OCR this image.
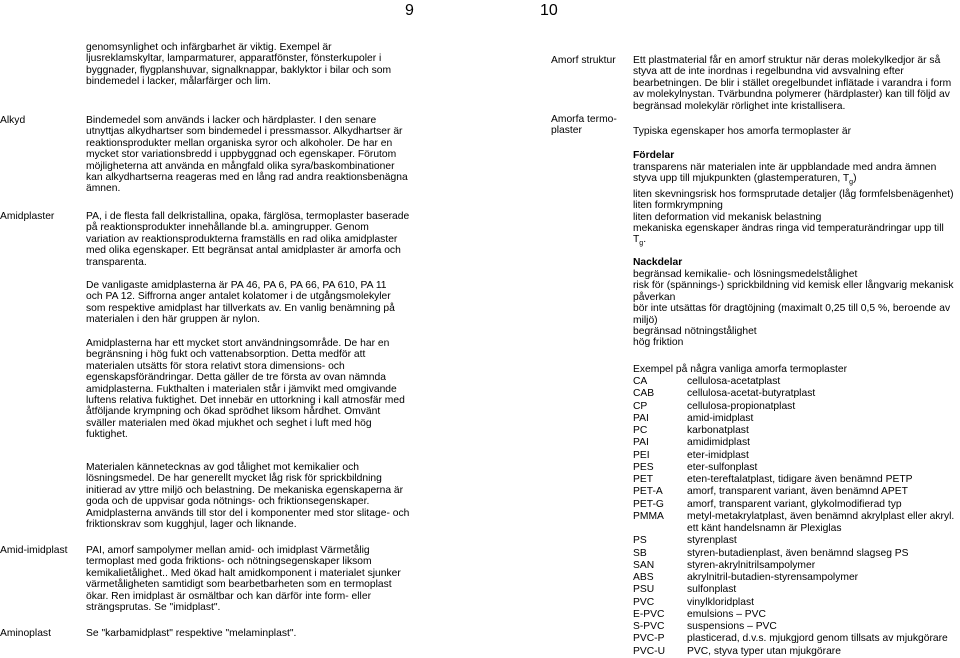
9	10
genomsynlighet och infärgbarhet är viktig. Exempel är
ljusreklamskyltar, lamparmaturer, apparatfönster, fönsterkupoler i
byggnader, flygplanshuvar, signalknappar, baklyktor i bilar och som
bindemedel i lacker, målarfärger och lim.
Alkyd	Bindemedel som används i lacker och härdplaster. I den senare
utnyttjas alkydhartser som bindemedel i pressmassor. Alkydhartser är
reaktionsprodukter mellan organiska syror och alkoholer. De har en
mycket stor variationsbredd i uppbyggnad och egenskaper. Förutom
möjligheterna att använda en mångfald olika syra/baskombinationer
kan alkydhartserna reageras med en lång rad andra reaktionsbenägna
ämnen.
Amidplaster	PA, i de flesta fall delkristallina, opaka, färglösa, termoplaster baserade
på reaktionsprodukter innehållande bl.a. amingrupper. Genom
variation av reaktionsprodukterna framställs en rad olika amidplaster
med olika egenskaper. Ett begränsat antal amidplaster är amorfa och
transparenta.
De vanligaste amidplasterna är PA 46, PA 6, PA 66, PA 610, PA 11
och PA 12. Siffrorna anger antalet kolatomer i de utgångsmolekyler
som respektive amidplast har tillverkats av. En vanlig benämning på
materialen i den här gruppen är nylon.
Amidplasterna har ett mycket stort användningsområde. De har en
begränsning i hög fukt och vattenabsorption. Detta medför att
materialen utsätts för stora relativt stora dimensions- och
egenskapsförändringar. Detta gäller de tre första av ovan nämnda
amidplasterna. Fukthalten i materialen står i jämvikt med omgivande
luftens relativa fuktighet. Det innebär en uttorkning i kall atmosfär med
åtföljande krympning och ökad sprödhet liksom hårdhet. Omvänt
sväller materialen med ökad mjukhet och seghet i luft med hög
fuktighet.
Materialen kännetecknas av god tålighet mot kemikalier och
lösningsmedel. De har generellt mycket låg risk för sprickbildning
initierad av yttre miljö och belastning. De mekaniska egenskaperna är
goda och de uppvisar goda nötnings- och friktionsegenskaper.
Amidplasterna används till stor del i komponenter med stor slitage- och
friktionskrav som kugghjul, lager och liknande.
Amid-imidplast PAI, amorf sampolymer mellan amid- och imidplast Värmetålig
termoplast med goda friktions- och nötningsegenskaper liksom
kemikalietålighet.. Med ökad halt amidkomponent i materialet sjunker
värmetåligheten samtidigt som bearbetbarheten som en termoplast
ökar. Ren imidplast är osmältbar och kan därför inte form- eller
strängsprutas. Se "imidplast".
Aminoplast	Se "karbamidplast" respektive "melaminplast".
Amorf struktur Ett plastmaterial får en amorf struktur när deras molekylkedjor är så
styva att de inte inordnas i regelbundna vid avsvalning efter
bearbetningen. De blir i stället oregelbundet inflätade i varandra i form
av molekylnystan. Tvärbundna polymerer (härdplaster) kan till följd av
begränsad molekylär rörlighet inte kristallisera.
Amorfa termo-
plaster	Typiska egenskaper hos amorfa termoplaster är
Fördelar
transparens när materialen inte är uppblandade med andra ämnen
styva upp till mjukpunkten (glastemperaturen, $T_g$)
liten skevningsrisk hos formsprutade detaljer (låg formfelsbenägenhet)
liten formkrympning
liten deformation vid mekanisk belastning
mekaniska egenskaper ändras ringa vid temperaturändringar upp till
$T_g$.
Nackdelar
begränsad kemikalie- och lösningsmedelstålighet
risk för (spännings-) sprickbildning vid kemisk eller långvarig mekanisk
påverkan
bör inte utsättas för dragtöjning (maximalt 0,25 till 0,5 %, beroende av
miljö)
begränsad nötningstålighet
hög friktion
Exempel på några vanliga amorfa termoplaster
CA	cellulosa-acetatplast
CAB	cellulosa-acetat-butyratplast
CP	cellulosa-propionatplast
PAI	amid-imidplast
PC	karbonatplast
PAI	amidimidplast
PEI	eter-imidplast
PES	eter-sulfonplast
PET	eten-tereftalatplast, tidigare även benämnd PETP
PET-A amorf, transparent variant, även benämnd APET
PET-G amorf, transparent variant, glykolmodifierad typ
PMMA metyl-metakrylatplast, även benämnd akrylplast eller akryl.
ett känt handelsnamn är Plexiglas
PS	styrenplast
SB	styren-butadienplast, även benämnd slagseg PS
SAN	styren-akrylnitrilsampolymer
ABS	akrylnitril-butadien-styrensampolymer
PSU	sulfonplast
PVC	vinylkloridplast
E-PVC emulsions – PVC
S-PVC suspensions – PVC
PVC-P plasticerad, d.v.s. mjukgjord genom tillsats av mjukgörare
PVC-U PVC, styva typer utan mjukgörare
